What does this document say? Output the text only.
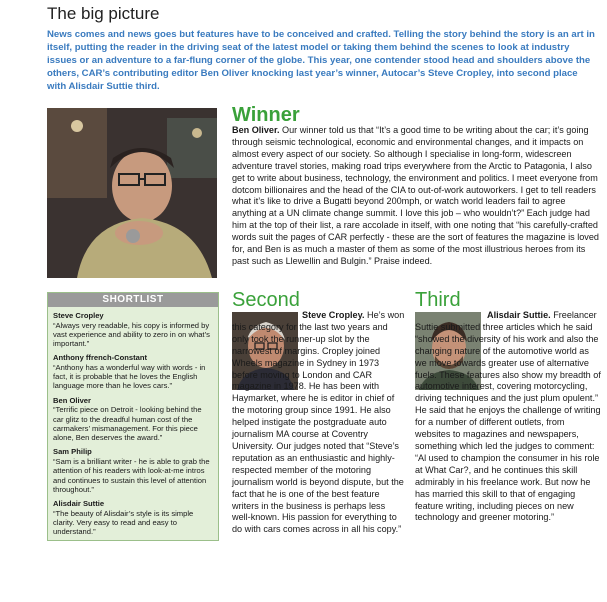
The big picture
News comes and news goes but features have to be conceived and crafted. Telling the story behind the story is an art in itself, putting the reader in the driving seat of the latest model or taking them behind the scenes to look at industry issues or an adventure to a far-flung corner of the globe. This year, one contender stood head and shoulders above the others, CAR’s contributing editor Ben Oliver knocking last year’s winner, Autocar’s Steve Cropley, into second place with Alisdair Suttie third.
Winner

Ben Oliver. Our winner told us that “It’s a good time to be writing about the car; it’s going through seismic technological, economic and environmental changes, and it impacts on almost every aspect of our society. So although I specialise in long-form, widescreen adventure travel stories, making road trips everywhere from the Arctic to Patagonia, I also get to write about business, technology, the environment and politics. I meet everyone from dotcom billionaires and the head of the CIA to out-of-work autoworkers. I get to tell readers what it’s like to drive a Bugatti beyond 200mph, or watch world leaders fail to agree anything at a UN climate change summit. I love this job – who wouldn’t?” Each judge had him at the top of their list, a rare accolade in itself, with one noting that “his carefully-crafted words suit the pages of CAR perfectly - these are the sort of features the magazine is loved for, and Ben is as much a master of them as some of the most illustrious heroes from its past such as Llewellin and Bulgin.” Praise indeed.

SHORTLIST
Steve Cropley
“Always very readable, his copy is informed by vast experience and ability to zero in on what’s important.”
Anthony ffrench-Constant
“Anthony has a wonderful way with words - in fact, it is probable that he loves the English language more than he loves cars.”
Ben Oliver
“Terrific piece on Detroit - looking behind the car glitz to the dreadful human cost of the carmakers’ mismanagement. For this piece alone, Ben deserves the award.”
Sam Philip
“Sam is a brilliant writer - he is able to grab the attention of his readers with look-at-me intros and continues to sustain this level of attention throughout.”
Alisdair Suttie
“The beauty of Alisdair’s style is its simple clarity. Very easy to read and easy to understand.”
Second

Steve Cropley. He’s won this category for the last two years and only took the runner-up slot by the narrowest of margins. Cropley joined Wheels magazine in Sydney in 1973 before moving to London and CAR magazine in 1978. He has been with Haymarket, where he is editor in chief of the motoring group since 1991. He also helped instigate the postgraduate auto journalism MA course at Coventry University. Our judges noted that “Steve’s reputation as an enthusiastic and highly-respected member of the motoring journalism world is beyond dispute, but the fact that he is one of the best feature writers in the business is perhaps less well-known. His passion for everything to do with cars comes across in all his copy.”

Third

Alisdair Suttie. Freelancer Suttie submitted three articles which he said “showed the diversity of his work and also the changing nature of the automotive world as we move towards greater use of alternative fuels. These features also show my breadth of automotive interest, covering motorcycling, driving techniques and the just plum opulent.” He said that he enjoys the challenge of writing for a number of different outlets, from websites to magazines and newspapers, something which led the judges to comment: “Al used to champion the consumer in his role at What Car?, and he continues this skill admirably in his freelance work. But now he has married this skill to that of engaging feature writing, including pieces on new technology and greener motoring.”
